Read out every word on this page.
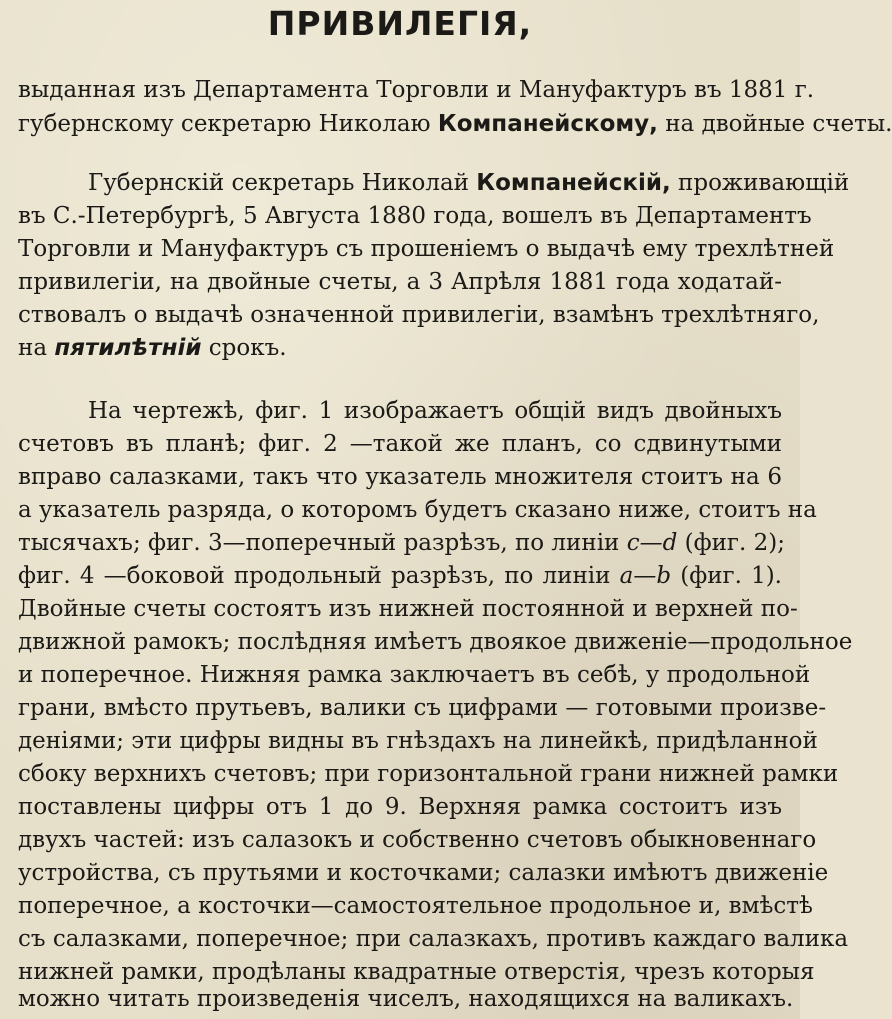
ПРИВИЛЕГІЯ,
выданная изъ Департамента Торговли и Мануфактуръ въ 1881 г.
губернскому секретарю Николаю Компанейскому, на двойные счеты.
Губернскій секретарь Николай Компанейскій, проживающій
въ С.-Петербургѣ, 5 Августа 1880 года, вошелъ въ Департаментъ
Торговли и Мануфактуръ съ прошеніемъ о выдачѣ ему трехлѣтней
привилегіи, на двойные счеты, а 3 Апрѣля 1881 года ходатай-
ствовалъ о выдачѣ означенной привилегіи, взамѣнъ трехлѣтняго,
на пятилѣтній срокъ.
На чертежѣ, фиг. 1 изображаетъ общій видъ двойныхъ
счетовъ въ планѣ; фиг. 2 —такой же планъ, со сдвинутыми
вправо салазками, такъ что указатель множителя стоитъ на 6
а указатель разряда, о которомъ будетъ сказано ниже, стоитъ на
тысячахъ; фиг. 3—поперечный разрѣзъ, по линіи c—d (фиг. 2);
фиг. 4 —боковой продольный разрѣзъ, по линіи a—b (фиг. 1).
Двойные счеты состоятъ изъ нижней постоянной и верхней по-
движной рамокъ; послѣдняя имѣетъ двоякое движеніе—продольное
и поперечное. Нижняя рамка заключаетъ въ себѣ, у продольной
грани, вмѣсто прутьевъ, валики съ цифрами — готовыми произве-
деніями; эти цифры видны въ гнѣздахъ на линейкѣ, придѣланной
сбоку верхнихъ счетовъ; при горизонтальной грани нижней рамки
поставлены цифры отъ 1 до 9. Верхняя рамка состоитъ изъ
двухъ частей: изъ салазокъ и собственно счетовъ обыкновеннаго
устройства, съ прутьями и косточками; салазки имѣютъ движеніе
поперечное, а косточки—самостоятельное продольное и, вмѣстѣ
съ салазками, поперечное; при салазкахъ, противъ каждаго валика
нижней рамки, продѣланы квадратные отверстія, чрезъ которыя
можно читать произведенія чиселъ, находящихся на валикахъ.
